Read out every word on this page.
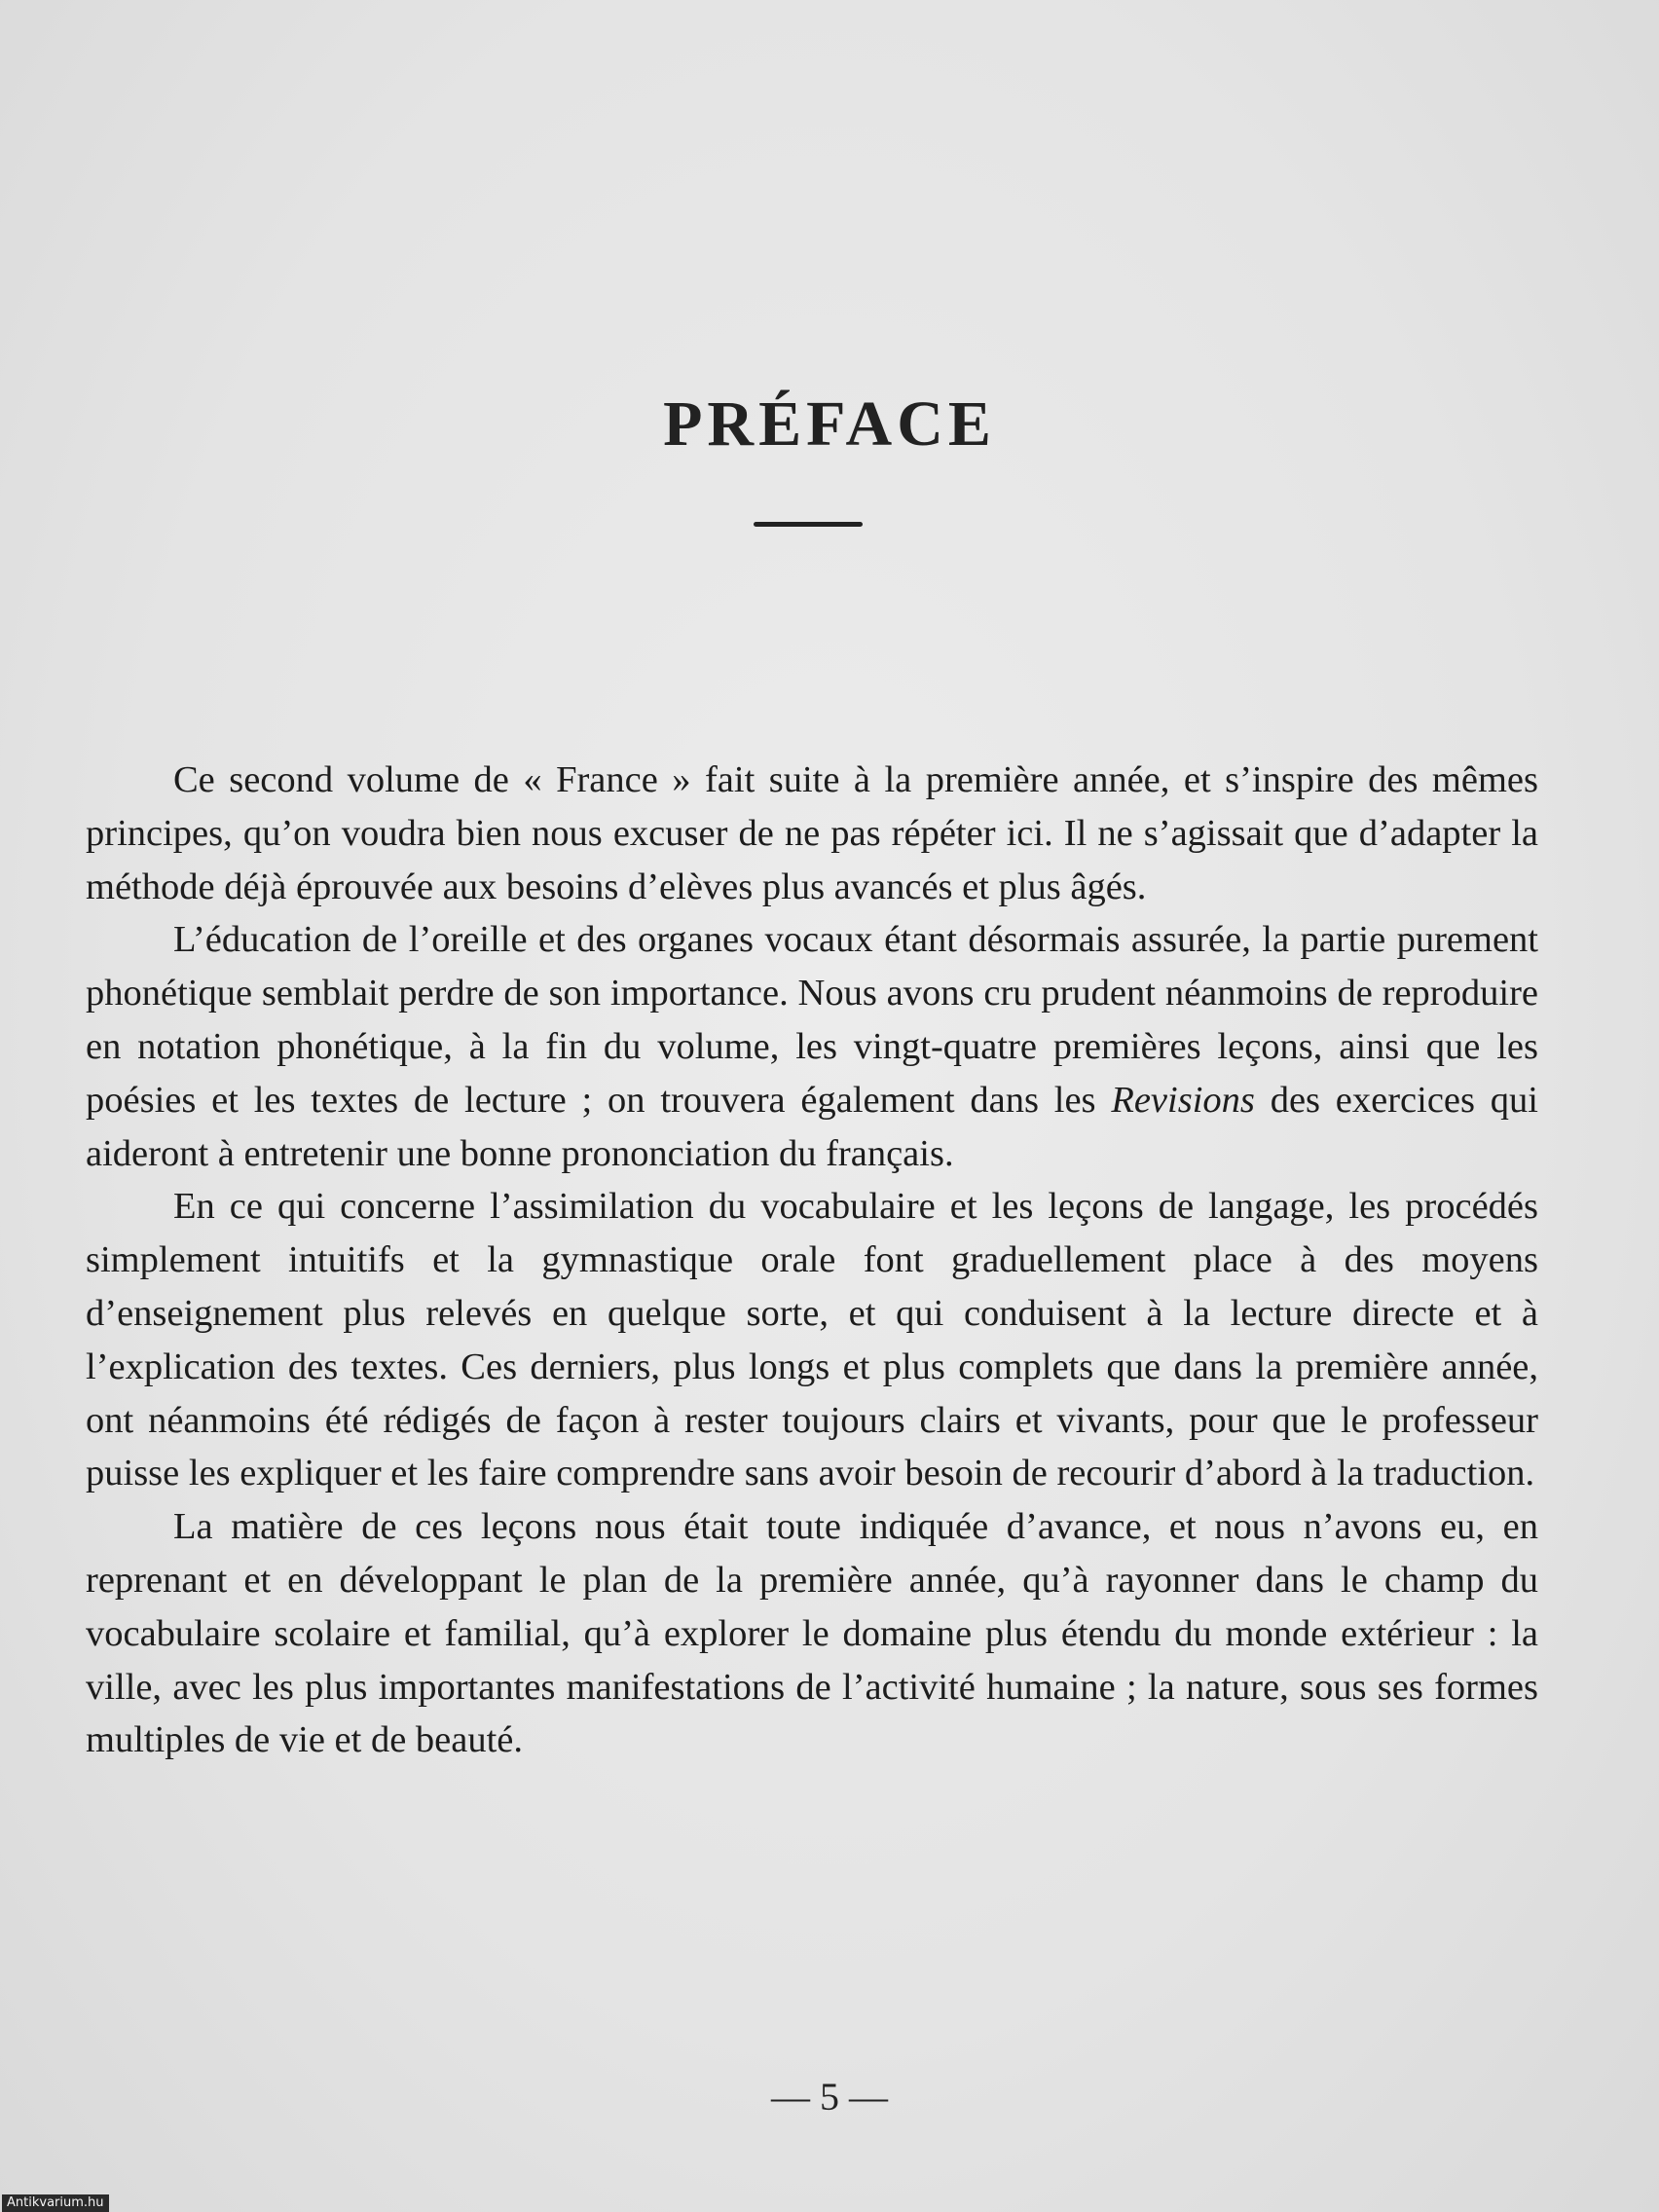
PRÉFACE

Ce second volume de « France » fait suite à la première année, et s’inspire des mêmes principes, qu’on voudra bien nous excuser de ne pas répéter ici. Il ne s’agissait que d’adapter la méthode déjà éprouvée aux besoins d’elèves plus avancés et plus âgés.

L’éducation de l’oreille et des organes vocaux étant désormais assurée, la partie purement phonétique semblait perdre de son importance. Nous avons cru prudent néanmoins de reproduire en notation phonétique, à la fin du volume, les vingt-quatre premières leçons, ainsi que les poésies et les textes de lecture ; on trouvera également dans les Revisions des exercices qui aideront à entretenir une bonne prononciation du français.

En ce qui concerne l’assimilation du vocabulaire et les leçons de langage, les procédés simplement intuitifs et la gymnastique orale font graduellement place à des moyens d’enseignement plus relevés en quelque sorte, et qui conduisent à la lecture directe et à l’explication des textes. Ces derniers, plus longs et plus complets que dans la première année, ont néanmoins été rédigés de façon à rester toujours clairs et vivants, pour que le professeur puisse les expliquer et les faire comprendre sans avoir besoin de recourir d’abord à la traduction.

La matière de ces leçons nous était toute indiquée d’avance, et nous n’avons eu, en reprenant et en développant le plan de la première année, qu’à rayonner dans le champ du vocabulaire scolaire et familial, qu’à explorer le domaine plus étendu du monde extérieur : la ville, avec les plus importantes manifestations de l’activité humaine ; la nature, sous ses formes multiples de vie et de beauté.

— 5 —
Antikvarium.hu
